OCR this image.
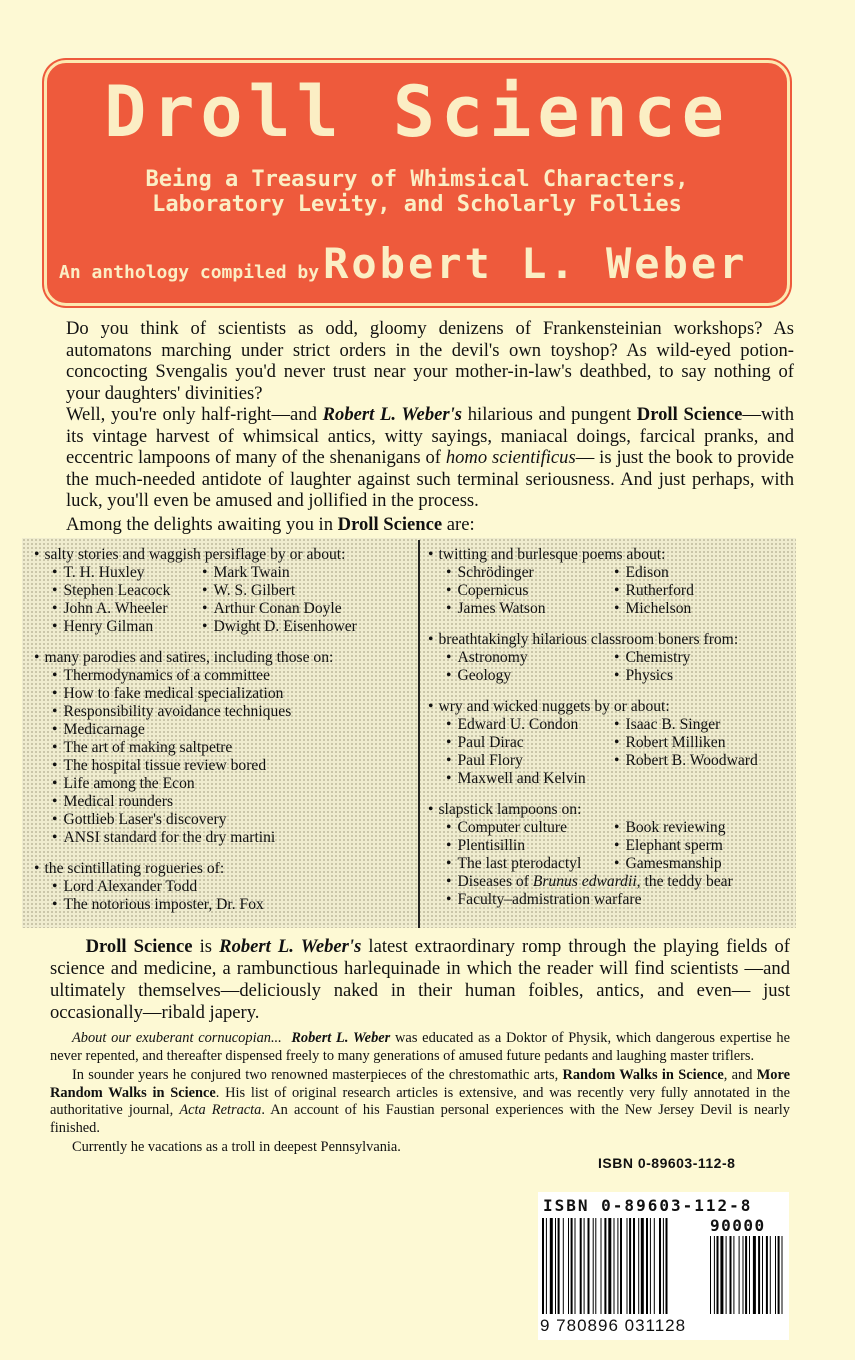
Droll Science
Being a Treasury of Whimsical Characters,
Laboratory Levity, and Scholarly Follies
An anthology compiled byRobert L. Weber

Do you think of scientists as odd, gloomy denizens of Frankensteinian workshops? As automatons marching under strict orders in the devil's own toyshop? As wild-eyed potion-concocting Svengalis you'd never trust near your mother-in-law's deathbed, to say nothing of your daughters' divinities?

Well, you're only half-right—and Robert L. Weber's hilarious and pungent Droll Science—with its vintage harvest of whimsical antics, witty sayings, maniacal doings, farcical pranks, and eccentric lampoons of many of the shenanigans of homo scientificus— is just the book to provide the much-needed antidote of laughter against such terminal seriousness. And just perhaps, with luck, you'll even be amused and jollified in the process.

Among the delights awaiting you in Droll Science are:
• salty stories and waggish persiflage by or about:
• T. H. Huxley	• Mark Twain
• Stephen Leacock	• W. S. Gilbert
• John A. Wheeler	• Arthur Conan Doyle
• Henry Gilman	• Dwight D. Eisenhower
• many parodies and satires, including those on:
• Thermodynamics of a committee
• How to fake medical specialization
• Responsibility avoidance techniques
• Medicarnage
• The art of making saltpetre
• The hospital tissue review bored
• Life among the Econ
• Medical rounders
• Gottlieb Laser's discovery
• ANSI standard for the dry martini
• the scintillating rogueries of:
• Lord Alexander Todd
• The notorious imposter, Dr. Fox
• twitting and burlesque poems about:
• Schrödinger	• Edison
• Copernicus	• Rutherford
• James Watson	• Michelson
• breathtakingly hilarious classroom boners from:
• Astronomy	• Chemistry
• Geology	• Physics
• wry and wicked nuggets by or about:
• Edward U. Condon	• Isaac B. Singer
• Paul Dirac	• Robert Milliken
• Paul Flory	• Robert B. Woodward
• Maxwell and Kelvin
• slapstick lampoons on:
• Computer culture	• Book reviewing
• Plentisillin	• Elephant sperm
• The last pterodactyl	• Gamesmanship
• Diseases of Brunus edwardii, the teddy bear
• Faculty–admistration warfare

Droll Science is Robert L. Weber's latest extraordinary romp through the playing fields of science and medicine, a rambunctious harlequinade in which the reader will find scientists —and ultimately themselves—deliciously naked in their human foibles, antics, and even— just occasionally—ribald japery.

About our exuberant cornucopian... Robert L. Weber was educated as a Doktor of Physik, which dangerous expertise he never repented, and thereafter dispensed freely to many generations of amused future pedants and laughing master triflers.

In sounder years he conjured two renowned masterpieces of the chrestomathic arts, Random Walks in Science, and More Random Walks in Science. His list of original research articles is extensive, and was recently very fully annotated in the authoritative journal, Acta Retracta. An account of his Faustian personal experiences with the New Jersey Devil is nearly finished.

Currently he vacations as a troll in deepest Pennsylvania.

ISBN 0-89603-112-8
ISBN 0-89603-112-8
90000
9 780896 031128
